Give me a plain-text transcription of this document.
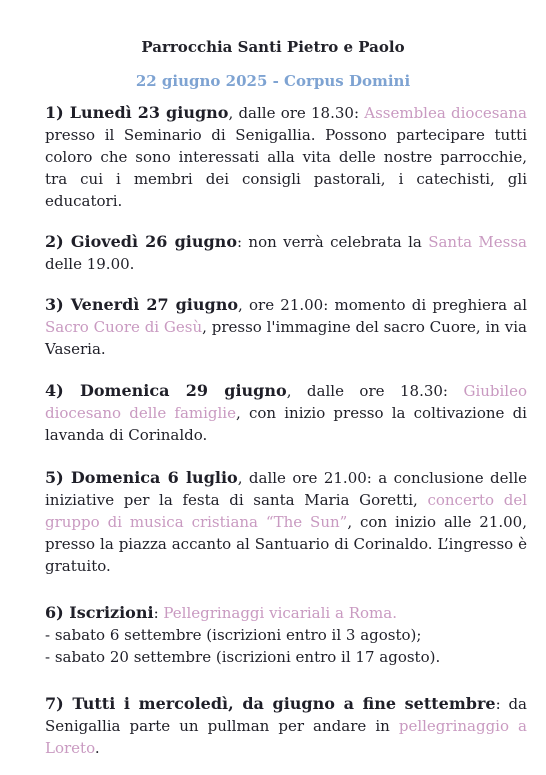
Parrocchia Santi Pietro e Paolo
22 giugno 2025 - Corpus Domini
1) Lunedì 23 giugno, dalle ore 18.30: Assemblea diocesana presso il Seminario di Senigallia. Possono partecipare tutti coloro che sono interessati alla vita delle nostre parrocchie, tra cui i membri dei consigli pastorali, i catechisti, gli educatori.
2) Giovedì 26 giugno: non verrà celebrata la Santa Messa delle 19.00.
3) Venerdì 27 giugno, ore 21.00: momento di preghiera al Sacro Cuore di Gesù, presso l'immagine del sacro Cuore, in via Vaseria.
4) Domenica 29 giugno, dalle ore 18.30: Giubileo diocesano delle famiglie, con inizio presso la coltivazione di lavanda di Corinaldo.
5) Domenica 6 luglio, dalle ore 21.00: a conclusione delle iniziative per la festa di santa Maria Goretti, concerto del gruppo di musica cristiana “The Sun”, con inizio alle 21.00, presso la piazza accanto al Santuario di Corinaldo. L’ingresso è gratuito.
6) Iscrizioni: Pellegrinaggi vicariali a Roma.
- sabato 6 settembre (iscrizioni entro il 3 agosto);
- sabato 20 settembre (iscrizioni entro il 17 agosto).
7) Tutti i mercoledì, da giugno a fine settembre: da Senigallia parte un pullman per andare in pellegrinaggio a Loreto.
